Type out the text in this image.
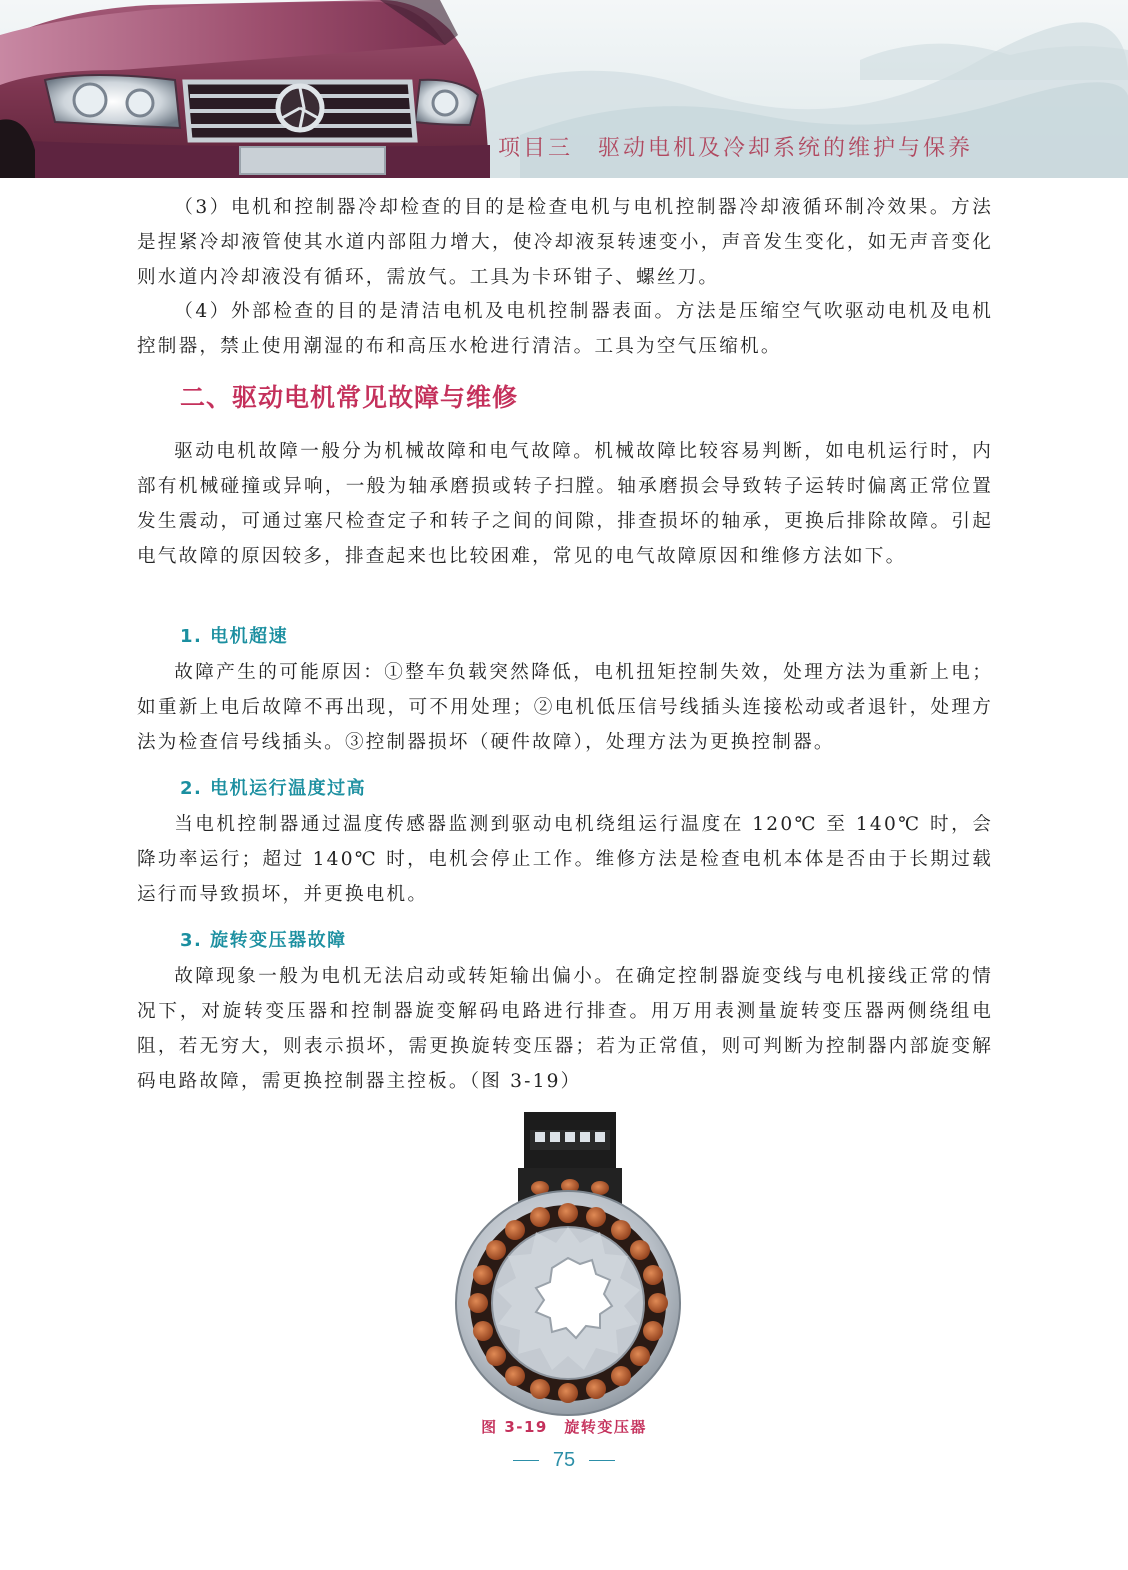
项目三　驱动电机及冷却系统的维护与保养

（3）电机和控制器冷却检查的目的是检查电机与电机控制器冷却液循环制冷效果。方法是捏紧冷却液管使其水道内部阻力增大，使冷却液泵转速变小，声音发生变化，如无声音变化则水道内冷却液没有循环，需放气。工具为卡环钳子、螺丝刀。

（4）外部检查的目的是清洁电机及电机控制器表面。方法是压缩空气吹驱动电机及电机控制器，禁止使用潮湿的布和高压水枪进行清洁。工具为空气压缩机。

二、驱动电机常见故障与维修

驱动电机故障一般分为机械故障和电气故障。机械故障比较容易判断，如电机运行时，内部有机械碰撞或异响，一般为轴承磨损或转子扫膛。轴承磨损会导致转子运转时偏离正常位置发生震动，可通过塞尺检查定子和转子之间的间隙，排查损坏的轴承，更换后排除故障。引起电气故障的原因较多，排查起来也比较困难，常见的电气故障原因和维修方法如下。

1. 电机超速

故障产生的可能原因：①整车负载突然降低，电机扭矩控制失效，处理方法为重新上电；如重新上电后故障不再出现，可不用处理；②电机低压信号线插头连接松动或者退针，处理方法为检查信号线插头。③控制器损坏（硬件故障），处理方法为更换控制器。

2. 电机运行温度过高

当电机控制器通过温度传感器监测到驱动电机绕组运行温度在 120℃ 至 140℃ 时，会降功率运行；超过 140℃ 时，电机会停止工作。维修方法是检查电机本体是否由于长期过载运行而导致损坏，并更换电机。

3. 旋转变压器故障

故障现象一般为电机无法启动或转矩输出偏小。在确定控制器旋变线与电机接线正常的情况下，对旋转变压器和控制器旋变解码电路进行排查。用万用表测量旋转变压器两侧绕组电阻，若无穷大，则表示损坏，需更换旋转变压器；若为正常值，则可判断为控制器内部旋变解码电路故障，需更换控制器主控板。（图 3-19）

图 3-19　旋转变压器
75
